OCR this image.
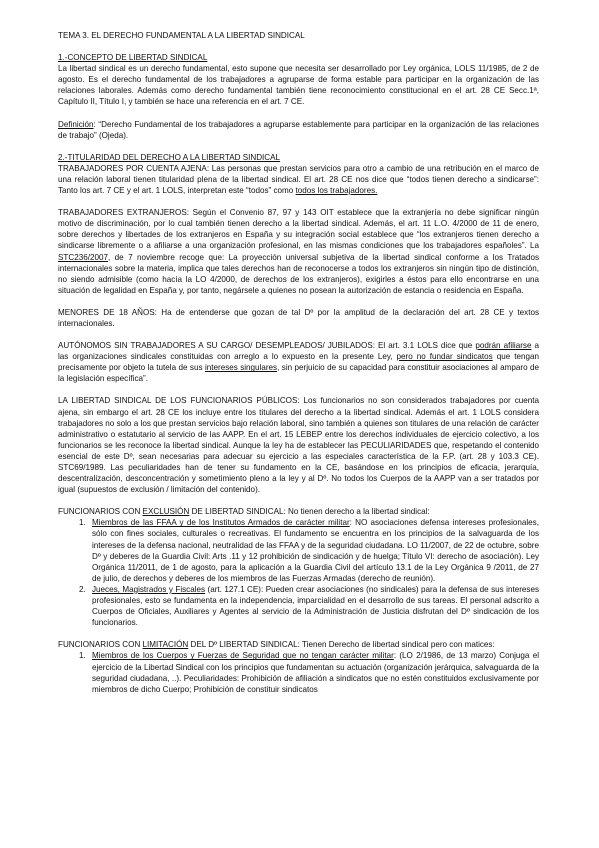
TEMA 3. EL DERECHO FUNDAMENTAL A LA LIBERTAD SINDICAL

1.-CONCEPTO DE LIBERTAD SINDICAL

La libertad sindical es un derecho fundamental, esto supone que necesita ser desarrollado por Ley orgánica, LOLS 11/1985, de 2 de agosto. Es el derecho fundamental de los trabajadores a agruparse de forma estable para participar en la organización de las relaciones laborales. Además como derecho fundamental también tiene reconocimiento constitucional en el art. 28 CE Secc.1ª, Capítulo II, Título I, y también se hace una referencia en el art. 7 CE.

Definición: “Derecho Fundamental de los trabajadores a agruparse establemente para participar en la organización de las relaciones de trabajo” (Ojeda).

2.-TITULARIDAD DEL DERECHO A LA LIBERTAD SINDICAL

TRABAJADORES POR CUENTA AJENA: Las personas que prestan servicios para otro a cambio de una retribución en el marco de una relación laboral tienen titularidad plena de la libertad sindical. El art. 28 CE nos dice que “todos tienen derecho a sindicarse”: Tanto los art. 7 CE y el art. 1 LOLS, interpretan este “todos” como todos los trabajadores.

TRABAJADORES EXTRANJEROS: Según el Convenio 87, 97 y 143 OIT establece que la extranjería no debe significar ningún motivo de discriminación, por lo cual también tienen derecho a la libertad sindical. Además, el art. 11 L.O. 4/2000 de 11 de enero, sobre derechos y libertades de los extranjeros en España y su integración social establece que “los extranjeros tienen derecho a sindicarse libremente o a afiliarse a una organización profesional, en las mismas condiciones que los trabajadores españoles”. La STC236/2007, de 7 noviembre recoge que: La proyección universal subjetiva de la libertad sindical conforme a los Tratados internacionales sobre la materia, implica que tales derechos han de reconocerse a todos los extranjeros sin ningún tipo de distinción, no siendo admisible (como hacía la LO 4/2000, de derechos de los extranjeros), exigirles a éstos para ello encontrarse en una situación de legalidad en España y, por tanto, negársele a quienes no posean la autorización de estancia o residencia en España.

MENORES DE 18 AÑOS: Ha de entenderse que gozan de tal Dº por la amplitud de la declaración del art. 28 CE y textos internacionales.

AUTÓNOMOS SIN TRABAJADORES A SU CARGO/ DESEMPLEADOS/ JUBILADOS: El art. 3.1 LOLS dice que podrán afiliarse a las organizaciones sindicales constituidas con arreglo a lo expuesto en la presente Ley, pero no fundar sindicatos que tengan precisamente por objeto la tutela de sus intereses singulares, sin perjuicio de su capacidad para constituir asociaciones al amparo de la legislación específica”.

LA LIBERTAD SINDICAL DE LOS FUNCIONARIOS PÚBLICOS: Los funcionarios no son considerados trabajadores por cuenta ajena, sin embargo el art. 28 CE los incluye entre los titulares del derecho a la libertad sindical. Además el art. 1 LOLS considera trabajadores no solo a los que prestan servicios bajo relación laboral, sino también a quienes son titulares de una relación de carácter administrativo o estatutario al servicio de las AAPP. En el art. 15 LEBEP entre los derechos individuales de ejercicio colectivo, a los funcionarios se les reconoce la libertad sindical. Aunque la ley ha de establecer las PECULIARIDADES que, respetando el contenido esencial de este Dº, sean necesarias para adecuar su ejercicio a las especiales característica de la F.P. (art. 28 y 103.3 CE). STC69/1989. Las peculiaridades han de tener su fundamento en la CE, basándose en los principios de eficacia, jerarquía, descentralización, desconcentración y sometimiento pleno a la ley y al Dº. No todos los Cuerpos de la AAPP van a ser tratados por igual (supuestos de exclusión / limitación del contenido).

FUNCIONARIOS CON EXCLUSIÓN DE LIBERTAD SINDICAL: No tienen derecho a la libertad sindical:

1. Miembros de las FFAA y de los Institutos Armados de carácter militar: NO asociaciones defensa intereses profesionales, sólo con fines sociales, culturales o recreativas. El fundamento se encuentra en los principios de la salvaguarda de los intereses de la defensa nacional, neutralidad de las FFAA y de la seguridad ciudadana. LO 11/2007, de 22 de octubre, sobre Dº y deberes de la Guardia Civil: Arts .11 y 12 prohibición de sindicación y de huelga; Título VI: derecho de asociación). Ley Orgánica 11/2011, de 1 de agosto, para la aplicación a la Guardia Civil del artículo 13.1 de la Ley Orgánica 9 /2011, de 27 de julio, de derechos y deberes de los miembros de las Fuerzas Armadas (derecho de reunión).
2. Jueces, Magistrados y Fiscales (art. 127.1 CE): Pueden crear asociaciones (no sindicales) para la defensa de sus intereses profesionales, esto se fundamenta en la independencia, imparcialidad en el desarrollo de sus tareas. El personal adscrito a Cuerpos de Oficiales, Auxiliares y Agentes al servicio de la Administración de Justicia disfrutan del Dº sindicación de los funcionarios.

FUNCIONARIOS CON LIMITACIÓN DEL Dº LIBERTAD SINDICAL: Tienen Derecho de libertad sindical pero con matices:

1. Miembros de los Cuerpos y Fuerzas de Seguridad que no tengan carácter militar: (LO 2/1986, de 13 marzo) Conjuga el ejercicio de la Libertad Sindical con los principios que fundamentan su actuación (organización jerárquica, salvaguarda de la seguridad ciudadana, ..). Peculiaridades: Prohibición de afiliación a sindicatos que no estén constituidos exclusivamente por miembros de dicho Cuerpo; Prohibición de constituir sindicatos
